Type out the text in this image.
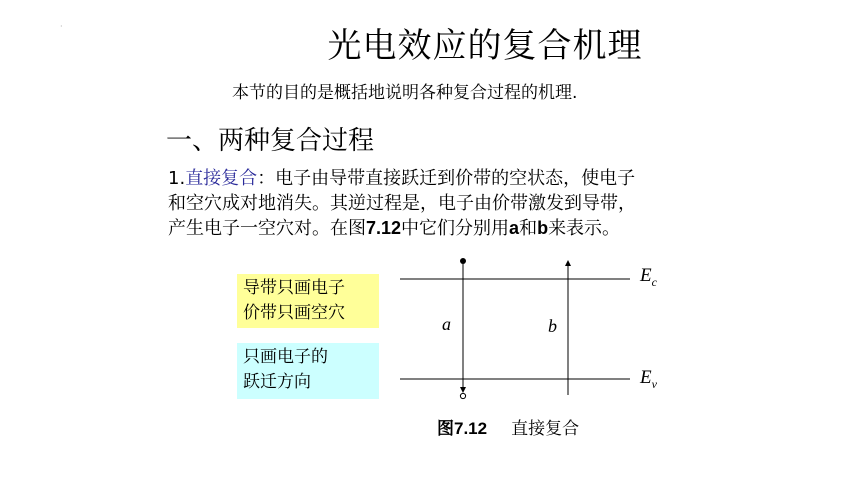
·	光电效应的复合机理
本节的目的是概括地说明各种复合过程的机理.
一、两种复合过程
1.直接复合：电子由导带直接跃迁到价带的空状态，使电子
和空穴成对地消失。其逆过程是，电子由价带激发到导带，
产生电子一空穴对。在图7.12中它们分别用a和b来表示。
导带只画电子
价带只画空穴
只画电子的
跃迁方向
a	b
$E_c$
$E_v$
图7.12 直接复合
